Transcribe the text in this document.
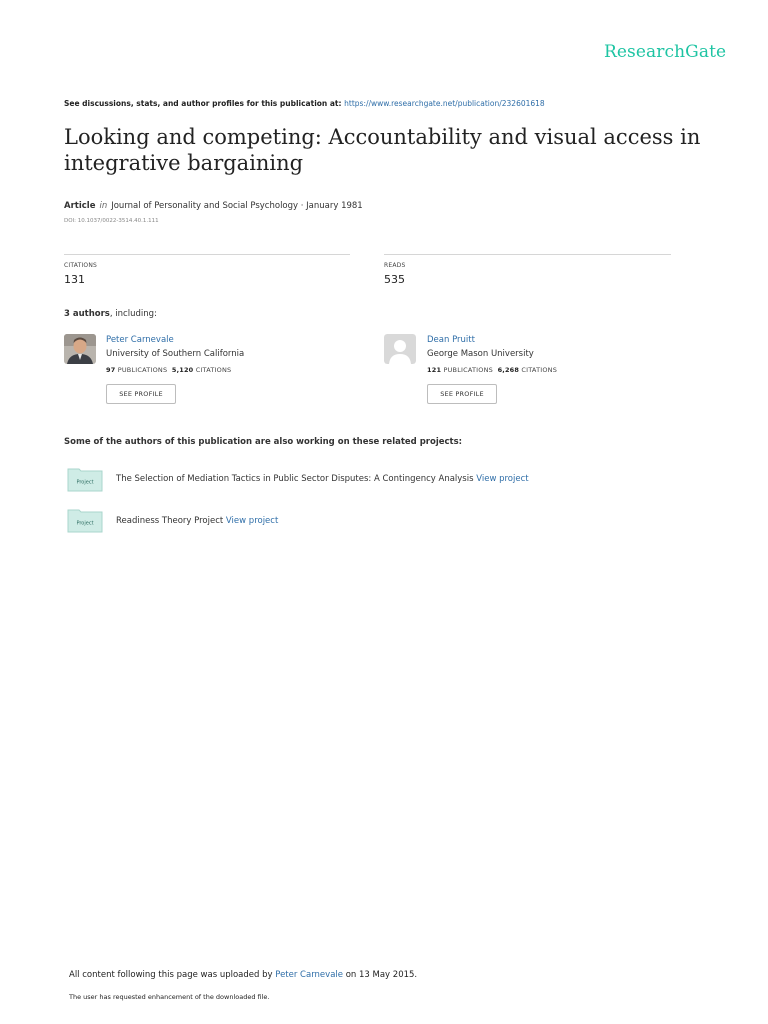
ResearchGate
See discussions, stats, and author profiles for this publication at: https://www.researchgate.net/publication/232601618
Looking and competing: Accountability and visual access in integrative bargaining
Article in Journal of Personality and Social Psychology · January 1981
DOI: 10.1037/0022-3514.40.1.111
CITATIONS
131
READS
535
3 authors, including:
Peter Carnevale
University of Southern California
97 PUBLICATIONS 5,120 CITATIONS
SEE PROFILE
Dean Pruitt
George Mason University
121 PUBLICATIONS 6,268 CITATIONS
SEE PROFILE
Some of the authors of this publication are also working on these related projects:
Project	The Selection of Mediation Tactics in Public Sector Disputes: A Contingency Analysis View project
Project	Readiness Theory Project View project
All content following this page was uploaded by Peter Carnevale on 13 May 2015.
The user has requested enhancement of the downloaded file.
